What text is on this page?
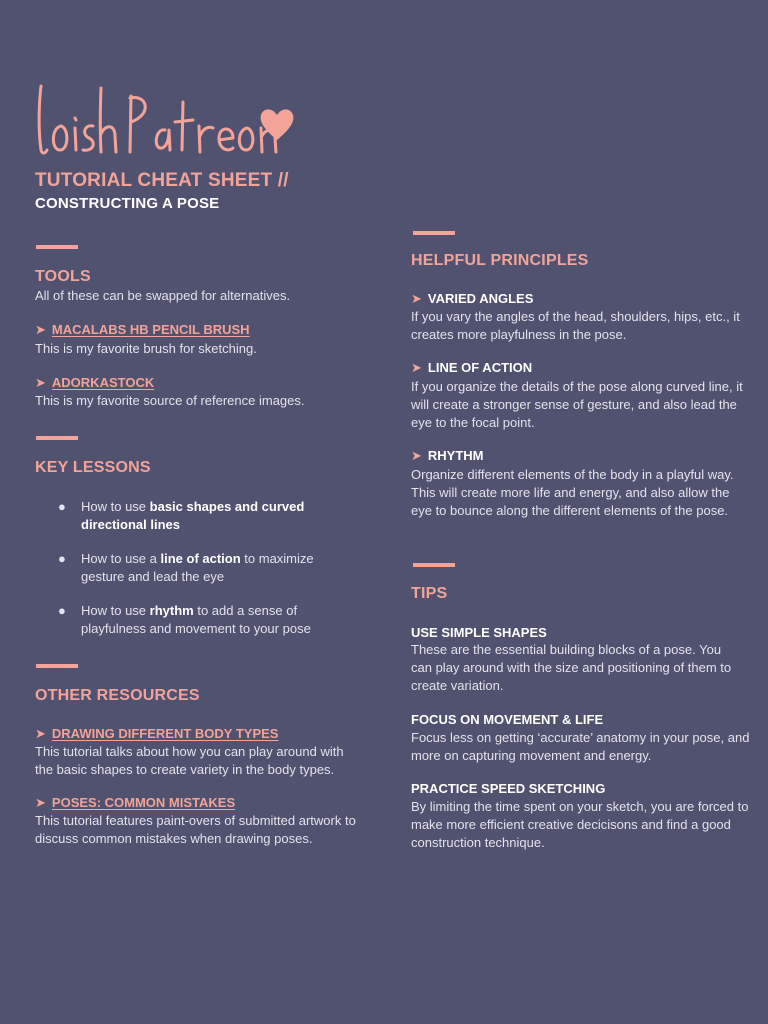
TUTORIAL CHEAT SHEET //
CONSTRUCTING A POSE
TOOLS

All of these can be swapped for alternatives.

➤ MACALABS HB PENCIL BRUSH

This is my favorite brush for sketching.

➤ ADORKASTOCK

This is my favorite source of reference images.

KEY LESSONS
● How to use basic shapes and curved directional lines
● How to use a line of action to maximize gesture and lead the eye
● How to use rhythm to add a sense of playfulness and movement to your pose
OTHER RESOURCES

➤ DRAWING DIFFERENT BODY TYPES

This tutorial talks about how you can play around with the basic shapes to create variety in the body types.

➤ POSES: COMMON MISTAKES

This tutorial features paint-overs of submitted artwork to discuss common mistakes when drawing poses.

HELPFUL PRINCIPLES

➤ VARIED ANGLES

If you vary the angles of the head, shoulders, hips, etc., it creates more playfulness in the pose.

➤ LINE OF ACTION

If you organize the details of the pose along curved line, it will create a stronger sense of gesture, and also lead the eye to the focal point.

➤ RHYTHM

Organize different elements of the body in a playful way. This will create more life and energy, and also allow the eye to bounce along the different elements of the pose.

TIPS

USE SIMPLE SHAPES

These are the essential building blocks of a pose. You can play around with the size and positioning of them to create variation.

FOCUS ON MOVEMENT & LIFE

Focus less on getting ‘accurate’ anatomy in your pose, and more on capturing movement and energy.

PRACTICE SPEED SKETCHING

By limiting the time spent on your sketch, you are forced to make more efficient creative decicisons and find a good construction technique.
